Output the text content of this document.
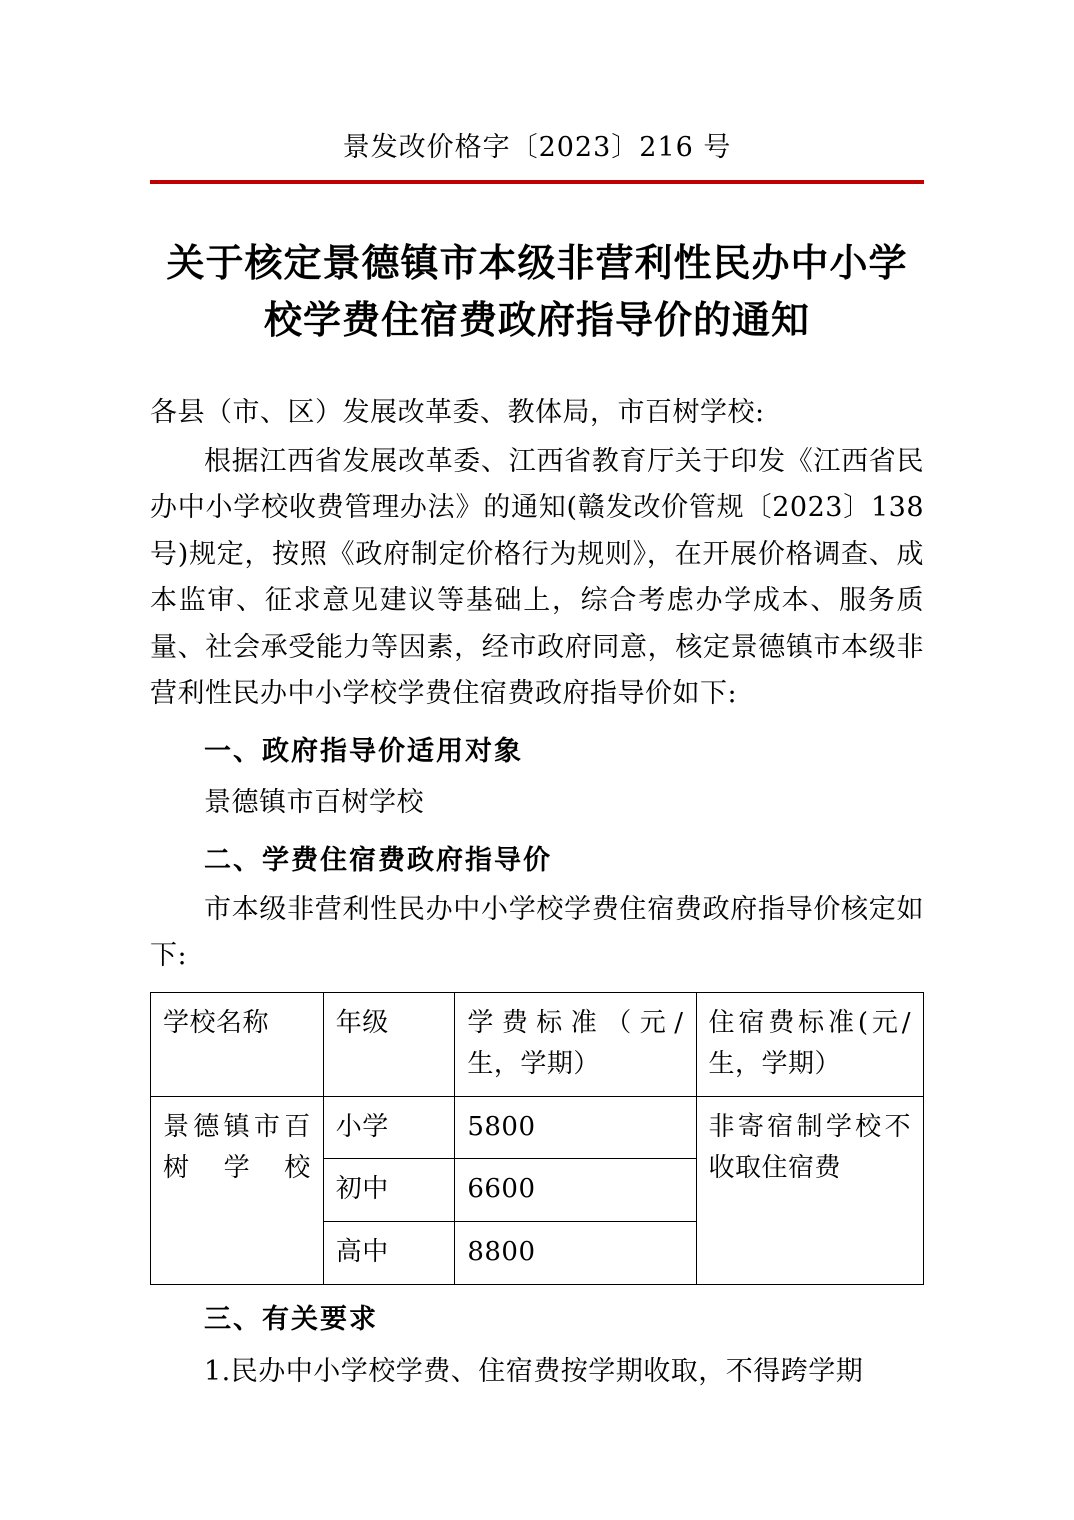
景发改价格字〔2023〕216 号
关于核定景德镇市本级非营利性民办中小学
校学费住宿费政府指导价的通知
各县（市、区）发展改革委、教体局，市百树学校:
根据江西省发展改革委、江西省教育厅关于印发《江西省民办中小学校收费管理办法》的通知(赣发改价管规〔2023〕138 号)规定，按照《政府制定价格行为规则》，在开展价格调查、成本监审、征求意见建议等基础上，综合考虑办学成本、服务质量、社会承受能力等因素，经市政府同意，核定景德镇市本级非营利性民办中小学校学费住宿费政府指导价如下:
一、政府指导价适用对象
景德镇市百树学校
二、学费住宿费政府指导价
市本级非营利性民办中小学校学费住宿费政府指导价核定如下:
学校名称	年级	学费标准（元/生，学期）	住宿费标准(元/生，学期）
景德镇市百树学校	小学	5800	非寄宿制学校不收取住宿费
	初中	6600	
	高中	8800	
三、有关要求
1.民办中小学校学费、住宿费按学期收取，不得跨学期
